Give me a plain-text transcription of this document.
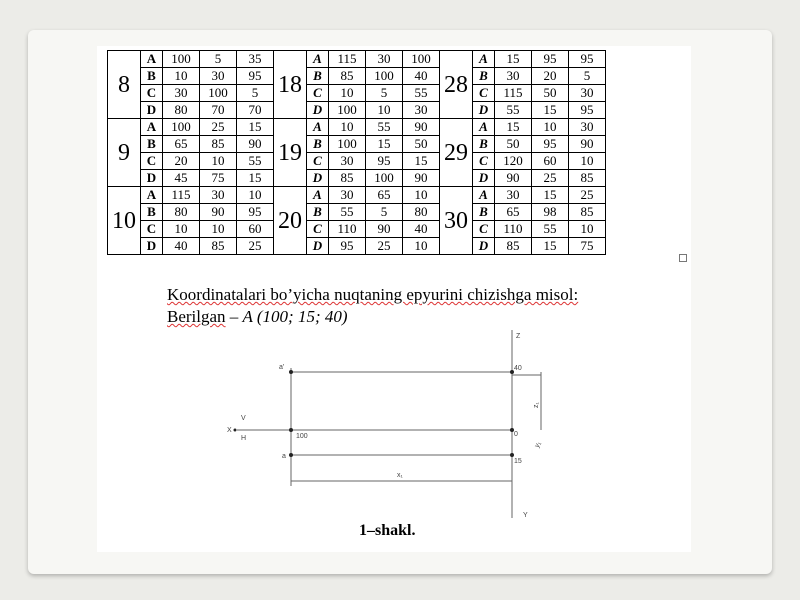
8	A	100	5	35	18	A	115	30	100	28	A	15	95	95
	B	10	30	95		B	85	100	40		B	30	20	5
	C	30	100	5		C	10	5	55		C	115	50	30
	D	80	70	70		D	100	10	30		D	55	15	95
9	A	100	25	15	19	A	10	55	90	29	A	15	10	30
	B	65	85	90		B	100	15	50		B	50	95	90
	C	20	10	55		C	30	95	15		C	120	60	10
	D	45	75	15		D	85	100	90		D	90	25	85
10	A	115	30	10	20	A	30	65	10	30	A	30	15	25
	B	80	90	95		B	55	5	80		B	65	98	85
	C	10	10	60		C	110	90	40		C	110	55	10
	D	40	85	25		D	95	25	10		D	85	15	75
Koordinatalari bo’yicha nuqtaning epyurini chizishga misol:
Berilgan – A (100; 15; 40)
Z
Y
X
V
H
a’
a
100
40
0
15
x₁
z₁
y₁
1–shakl.
